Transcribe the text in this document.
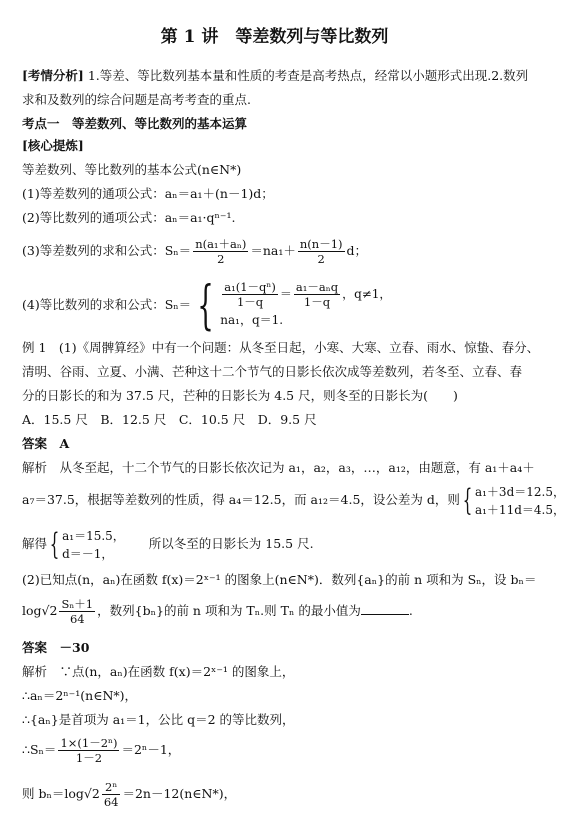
第 1 讲　等差数列与等比数列
[考情分析] 1.等差、等比数列基本量和性质的考查是高考热点，经常以小题形式出现.2.数列
求和及数列的综合问题是高考考查的重点.
考点一　等差数列、等比数列的基本运算
[核心提炼]
等差数列、等比数列的基本公式(n∈N*)
(1)等差数列的通项公式：aₙ＝a₁＋(n－1)d；
(2)等比数列的通项公式：aₙ＝a₁·qⁿ⁻¹.
(3)等差数列的求和公式：$S_n= \frac{\text{n(a₁＋aₙ)}}{2} =na_1+ \frac{n(n-1)}{2}$ d；
(4)等比数列的求和公式：Sₙ＝ { $\frac{\text{a₁(1－qⁿ)}}{1-q} = \frac{\text{a₁－aₙq}}{1-q}$ ，q≠1，
na₁，q＝1.
例 1　(1)《周髀算经》中有一个问题：从冬至日起，小寒、大寒、立春、雨水、惊蛰、春分、
清明、谷雨、立夏、小满、芒种这十二个节气的日影长依次成等差数列，若冬至、立春、春
分的日影长的和为 37.5 尺，芒种的日影长为 4.5 尺，则冬至的日影长为(　　)
A．15.5 尺　B．12.5 尺　C．10.5 尺　D．9.5 尺
答案　A
解析　从冬至起，十二个节气的日影长依次记为 a₁，a₂，a₃，…，a₁₂，由题意，有 a₁＋a₄＋
a₇＝37.5，根据等差数列的性质，得 a₄＝12.5，而 a₁₂＝4.5，设公差为 d，则{ a₁＋3d＝12.5，
a₁＋11d＝4.5，
解得{ a₁＝15.5，
d＝－1，
所以冬至的日影长为 15.5 尺.
(2)已知点(n，aₙ)在函数 f(x)＝2ˣ⁻¹ 的图象上(n∈N*)．数列{aₙ}的前 n 项和为 Sₙ，设 bₙ＝
$\log√2 \frac{\text{Sₙ＋1}}{64}$ ，数列{bₙ}的前 n 项和为 Tₙ.则 Tₙ 的最小值为	.
答案　－30
解析　∵点(n，aₙ)在函数 f(x)＝2ˣ⁻¹ 的图象上，
∴aₙ＝2ⁿ⁻¹(n∈N*)，
∴{aₙ}是首项为 a₁＝1，公比 q＝2 的等比数列，
∴Sₙ＝ $\frac{\text{1×(1－2ⁿ)}}{1-2} =2^n-1$，
则 $b_n=\log√2 \frac{\text{2ⁿ}}{64}$ ＝2n－12(n∈N*)，
